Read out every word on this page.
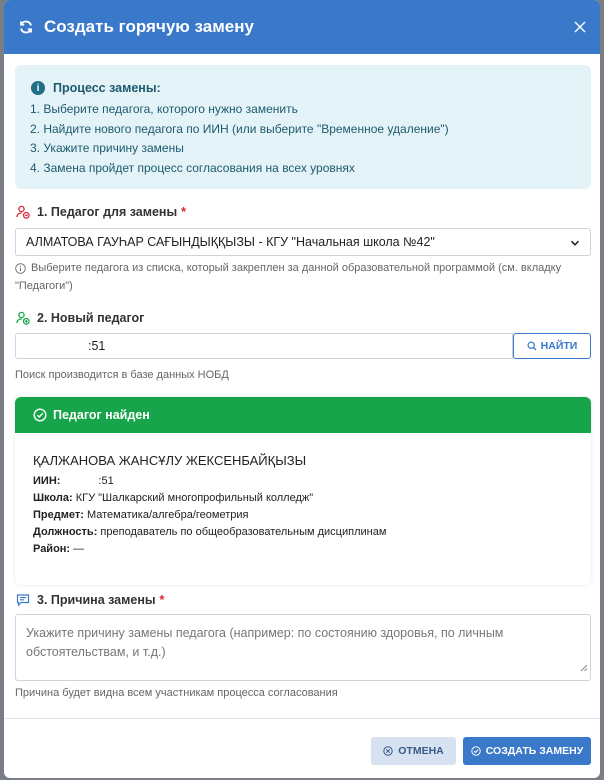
Создать горячую замену
i	Процесс замены:
1. Выберите педагога, которого нужно заменить
2. Найдите нового педагога по ИИН (или выберите "Временное удаление")
3. Укажите причину замены
4. Замена пройдет процесс согласования на всех уровнях
1. Педагог для замены *
АЛМАТОВА ГАУҺАР САҒЫНДЫҚҚЫЗЫ - КГУ "Начальная школа №42"
Выберите педагога из списка, который закреплен за данной образовательной программой (см. вкладку
"Педагоги")
2. Новый педагог
:51	НАЙТИ
Поиск производится в базе данных НОБД
Педагог найден
ҚАЛЖАНОВА ЖАНСҰЛУ ЖЕКСЕНБАЙҚЫЗЫ
ИИН:	:51
Школа: КГУ "Шалкарский многопрофильный колледж"
Предмет: Математика/алгебра/геометрия
Должность: преподаватель по общеобразовательным дисциплинам
Район: —
3. Причина замены *
Укажите причину замены педагога (например: по состоянию здоровья, по личным обстоятельствам, и т.д.)
Причина будет видна всем участникам процесса согласования
ОТМЕНА	СОЗДАТЬ ЗАМЕНУ
